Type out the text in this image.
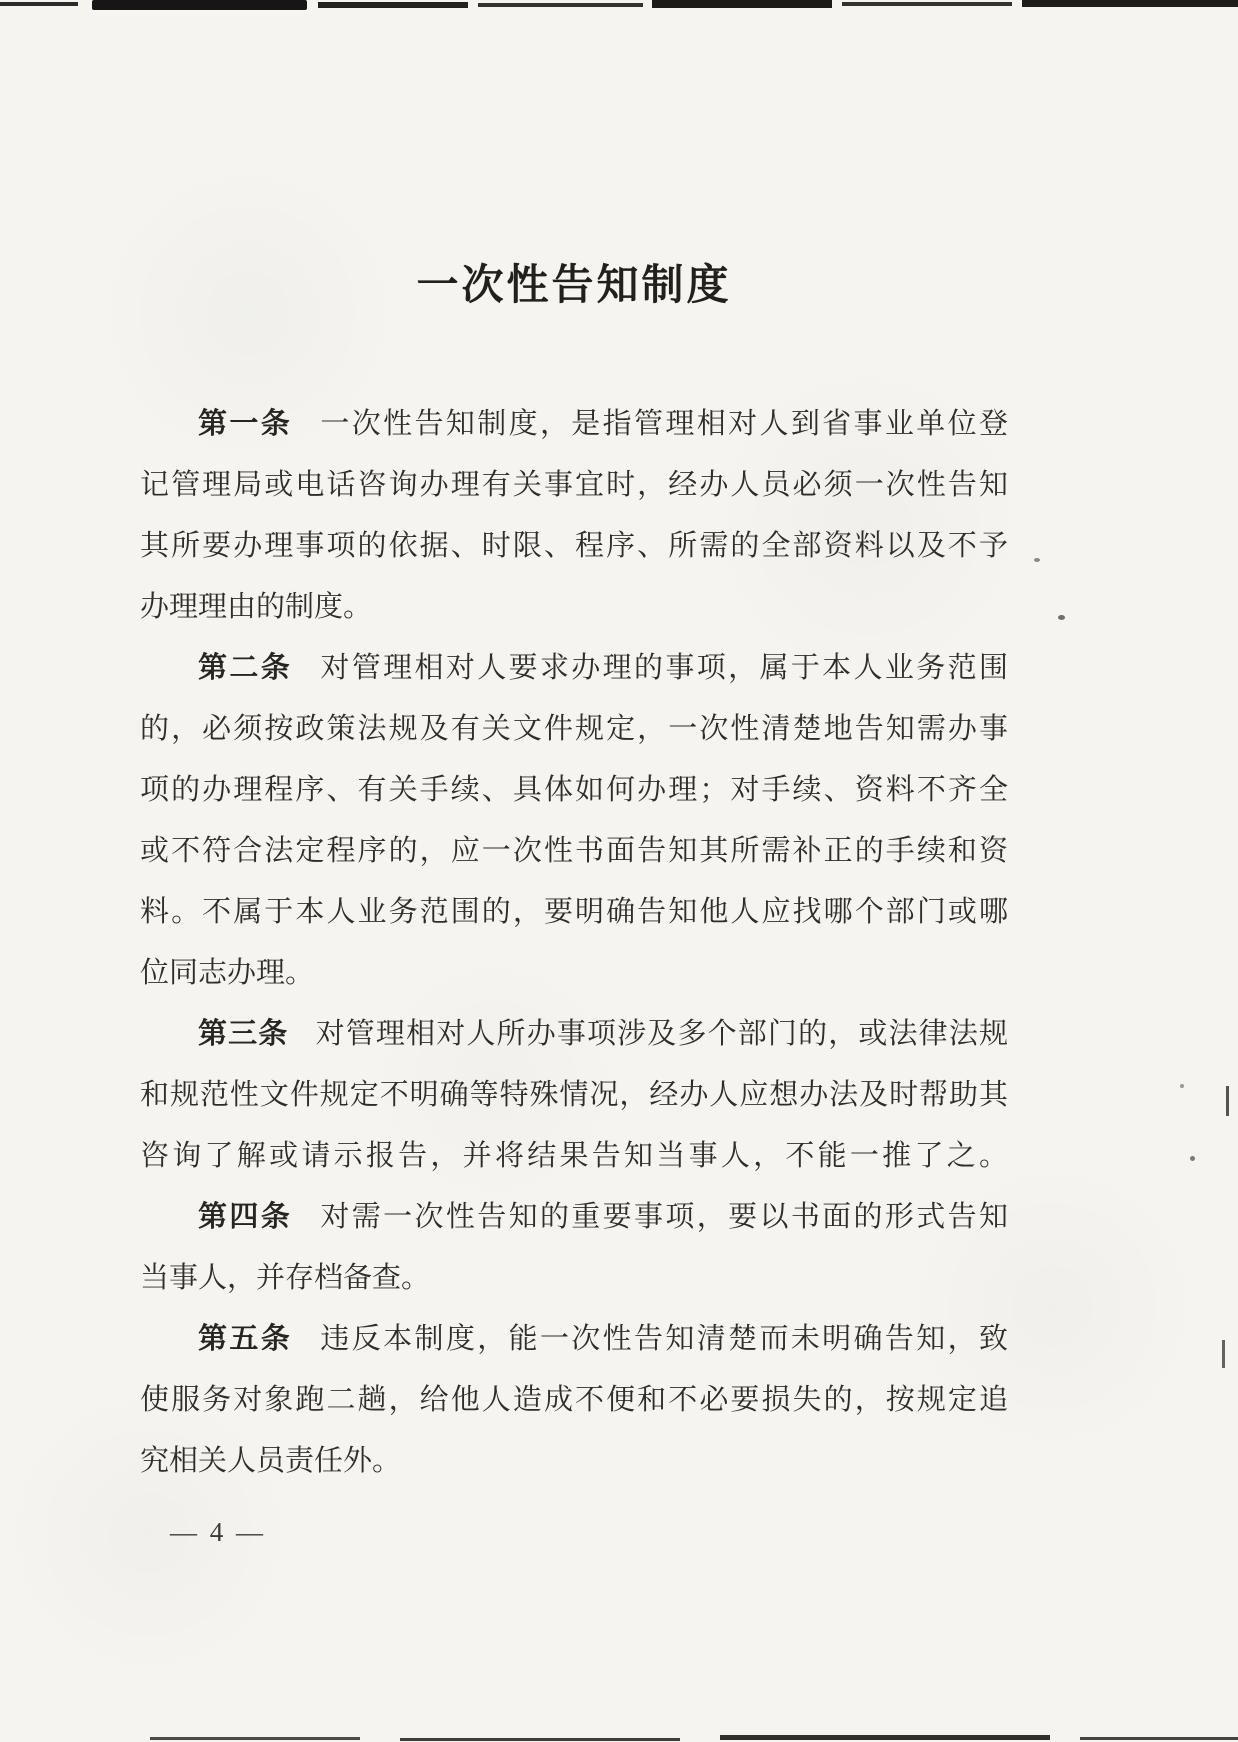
一次性告知制度
第一条 一次性告知制度，是指管理相对人到省事业单位登
记管理局或电话咨询办理有关事宜时，经办人员必须一次性告知
其所要办理事项的依据、时限、程序、所需的全部资料以及不予
办理理由的制度。
第二条 对管理相对人要求办理的事项，属于本人业务范围
的，必须按政策法规及有关文件规定，一次性清楚地告知需办事
项的办理程序、有关手续、具体如何办理；对手续、资料不齐全
或不符合法定程序的，应一次性书面告知其所需补正的手续和资
料。不属于本人业务范围的，要明确告知他人应找哪个部门或哪
位同志办理。
第三条 对管理相对人所办事项涉及多个部门的，或法律法规
和规范性文件规定不明确等特殊情况，经办人应想办法及时帮助其
咨询了解或请示报告，并将结果告知当事人，不能一推了之。
第四条 对需一次性告知的重要事项，要以书面的形式告知
当事人，并存档备查。
第五条 违反本制度，能一次性告知清楚而未明确告知，致
使服务对象跑二趟，给他人造成不便和不必要损失的，按规定追
究相关人员责任外。
— 4 —
